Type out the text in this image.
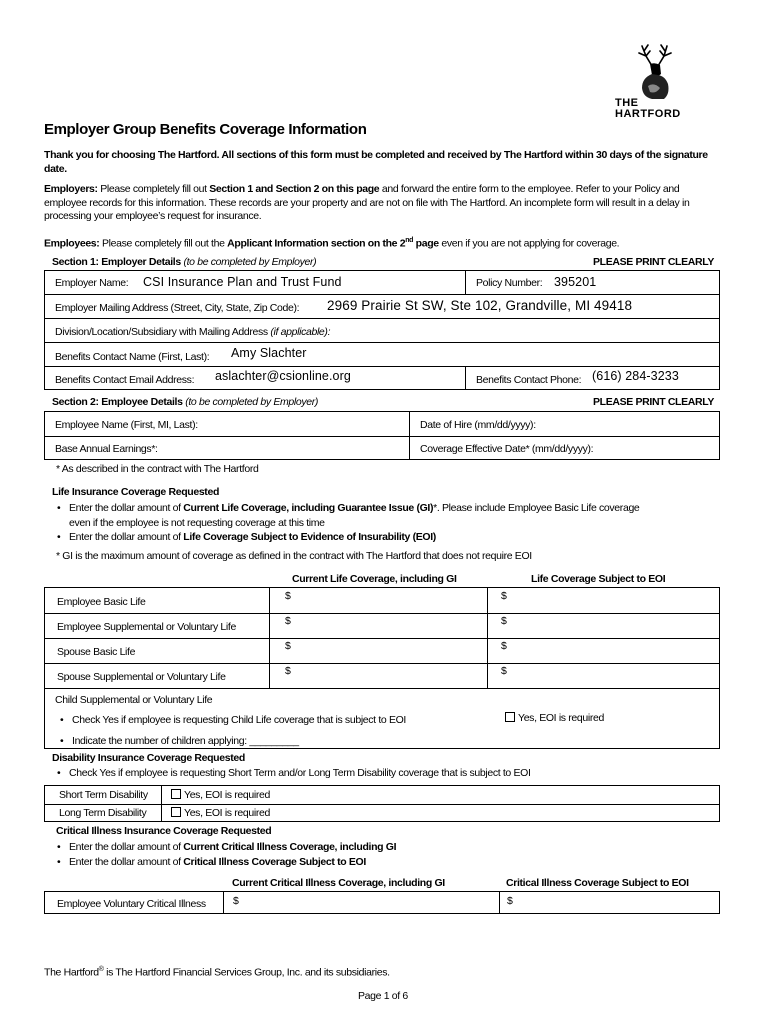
THE
HARTFORD
Employer Group Benefits Coverage Information
Thank you for choosing The Hartford. All sections of this form must be completed and received by The Hartford within 30 days of the signature date.
Employers: Please completely fill out Section 1 and Section 2 on this page and forward the entire form to the employee. Refer to your Policy and employee records for this information. These records are your property and are not on file with The Hartford. An incomplete form will result in a delay in processing your employee’s request for insurance.
Employees: Please completely fill out the Applicant Information section on the 2nd page even if you are not applying for coverage.
Section 1: Employer Details (to be completed by Employer)	PLEASE PRINT CLEARLY
Employer Name: CSI Insurance Plan and Trust Fund	Policy Number: 395201
Employer Mailing Address (Street, City, State, Zip Code): 2969 Prairie St SW, Ste 102, Grandville, MI 49418
Division/Location/Subsidiary with Mailing Address (if applicable):
Benefits Contact Name (First, Last): Amy Slachter
Benefits Contact Email Address: aslachter@csionline.org	Benefits Contact Phone: (616) 284-3233
Section 2: Employee Details (to be completed by Employer)	PLEASE PRINT CLEARLY
Employee Name (First, MI, Last):	Date of Hire (mm/dd/yyyy):
Base Annual Earnings*:	Coverage Effective Date* (mm/dd/yyyy):
* As described in the contract with The Hartford
Life Insurance Coverage Requested
• Enter the dollar amount of Current Life Coverage, including Guarantee Issue (GI)*. Please include Employee Basic Life coverage
even if the employee is not requesting coverage at this time
• Enter the dollar amount of Life Coverage Subject to Evidence of Insurability (EOI)
* GI is the maximum amount of coverage as defined in the contract with The Hartford that does not require EOI
Current Life Coverage, including GI	Life Coverage Subject to EOI
Employee Basic Life	$	$
Employee Supplemental or Voluntary Life	$	$
Spouse Basic Life	$	$
Spouse Supplemental or Voluntary Life	$	$
Child Supplemental or Voluntary Life
• Check Yes if employee is requesting Child Life coverage that is subject to EOI
• Indicate the number of children applying: _________
Yes, EOI is required
Disability Insurance Coverage Requested
• Check Yes if employee is requesting Short Term and/or Long Term Disability coverage that is subject to EOI
Short Term Disability	Yes, EOI is required
Long Term Disability	Yes, EOI is required
Critical Illness Insurance Coverage Requested
• Enter the dollar amount of Current Critical Illness Coverage, including GI
• Enter the dollar amount of Critical Illness Coverage Subject to EOI
Current Critical Illness Coverage, including GI	Critical Illness Coverage Subject to EOI
Employee Voluntary Critical Illness	$	$
The Hartford® is The Hartford Financial Services Group, Inc. and its subsidiaries.
Page 1 of 6
